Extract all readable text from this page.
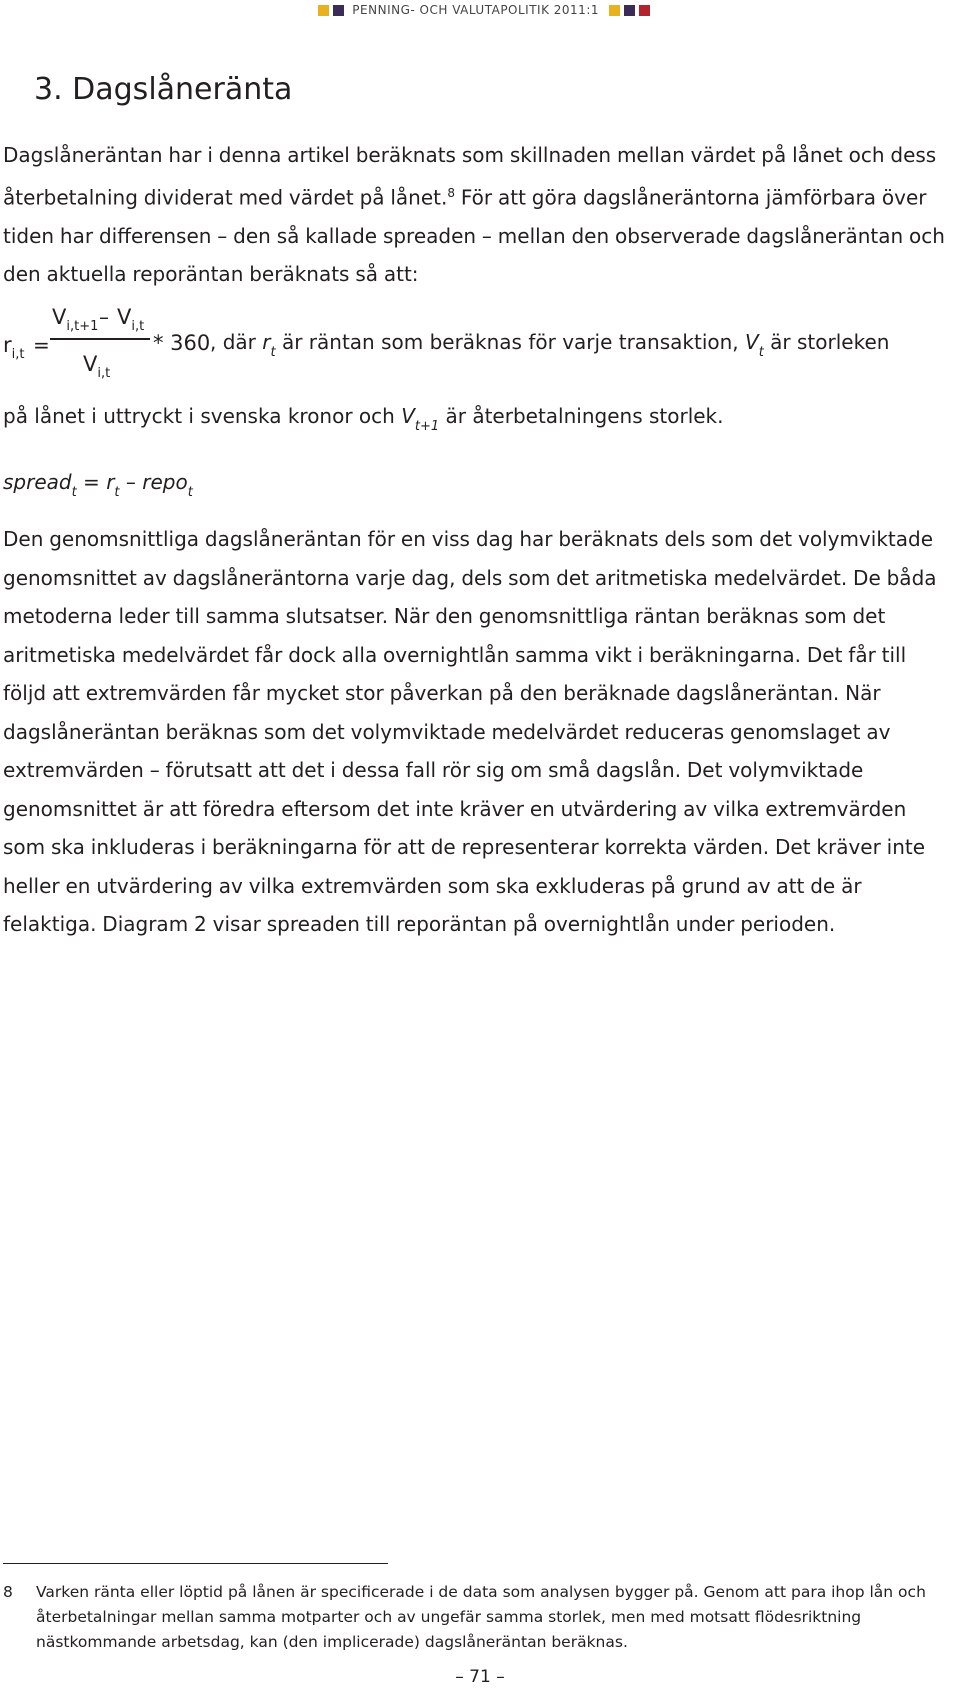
PENNING- OCH VALUTAPOLITIK 2011:1
3. Dagslåneränta

Dagslåneräntan har i denna artikel beräknats som skillnaden mellan värdet på lånet och dess återbetalning dividerat med värdet på lånet.$^8$ För att göra dagslåneräntorna jämförbara över tiden har differensen – den så kallade spreaden – mellan den observerade dagslåneräntan och den aktuella reporäntan beräknats så att:

$r_{i,t}$ =
$V_{i,t+1} - V_{i,t}$
$V_{i,t}$
* 360 , där $r_t$ är räntan som beräknas för varje transaktion, $V_t$ är storleken
på lånet i uttryckt i svenska kronor och $V_{t+1}$ är återbetalningens storlek.
spread$_t$ = $r_t$ – repo$_t$

Den genomsnittliga dagslåneräntan för en viss dag har beräknats dels som det volymviktade genomsnittet av dagslåneräntorna varje dag, dels som det aritmetiska medelvärdet. De båda metoderna leder till samma slutsatser. När den genomsnittliga räntan beräknas som det aritmetiska medelvärdet får dock alla overnightlån samma vikt i beräkningarna. Det får till följd att extremvärden får mycket stor påverkan på den beräknade dagslåneräntan. När dagslåneräntan beräknas som det volymviktade medelvärdet reduceras genomslaget av extremvärden – förutsatt att det i dessa fall rör sig om små dagslån. Det volymviktade genomsnittet är att föredra eftersom det inte kräver en utvärdering av vilka extremvärden som ska inkluderas i beräkningarna för att de representerar korrekta värden. Det kräver inte heller en utvärdering av vilka extremvärden som ska exkluderas på grund av att de är felaktiga. Diagram 2 visar spreaden till reporäntan på overnightlån under perioden.

8 Varken ränta eller löptid på lånen är specificerade i de data som analysen bygger på. Genom att para ihop lån och återbetalningar mellan samma motparter och av ungefär samma storlek, men med motsatt flödesriktning nästkommande arbetsdag, kan (den implicerade) dagslåneräntan beräknas.
– 71 –
